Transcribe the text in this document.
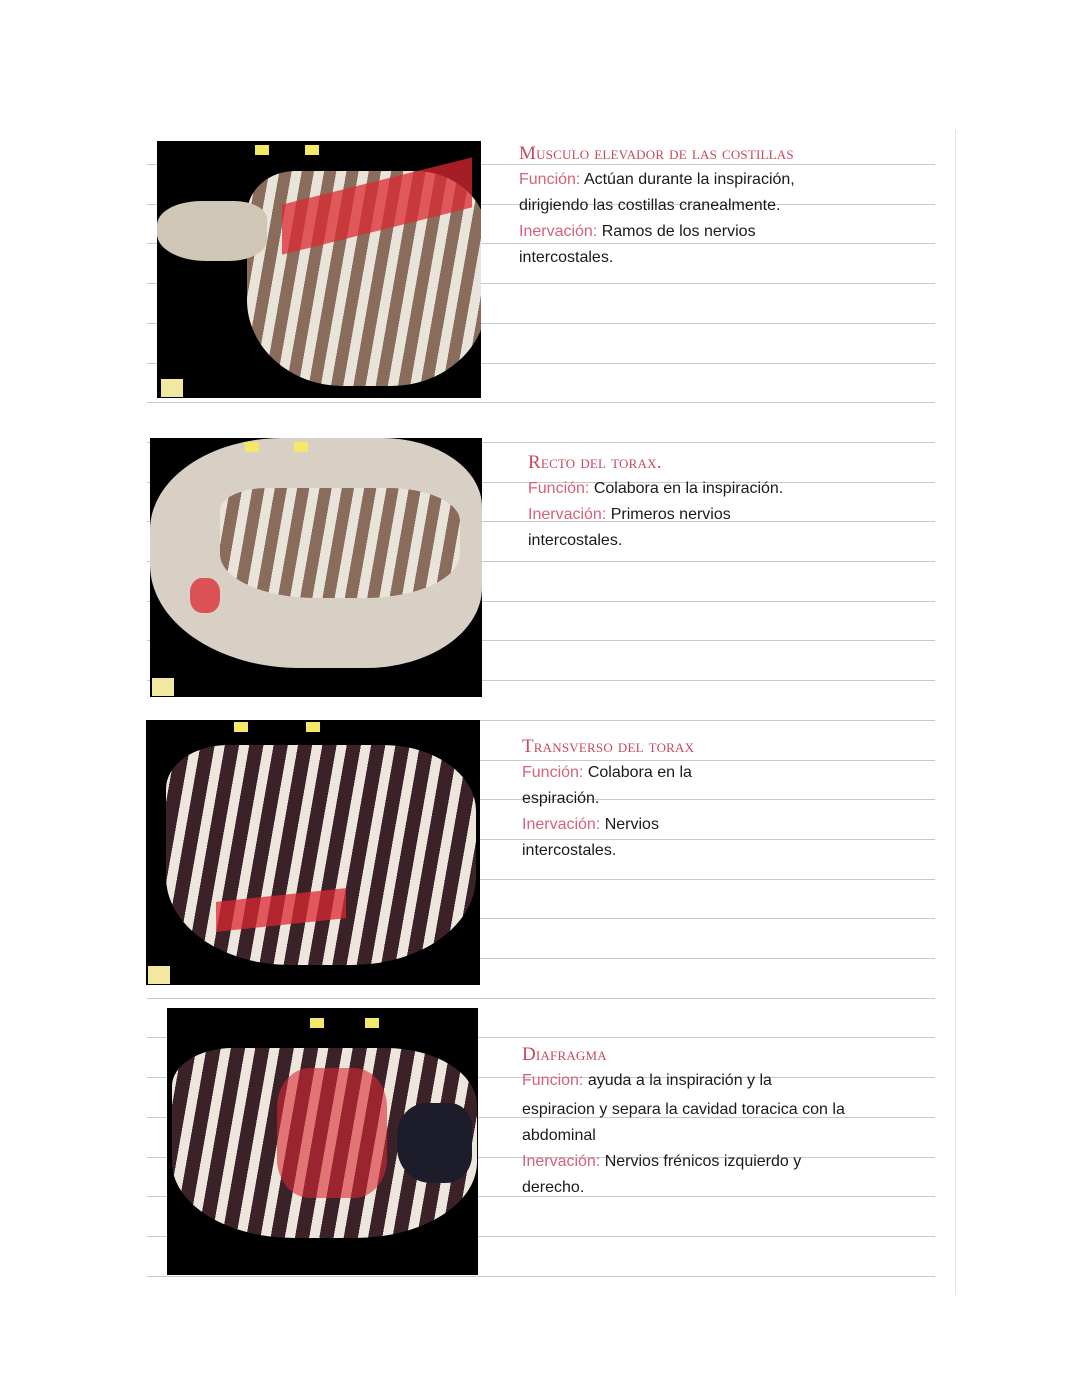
Musculo elevador de las costillas
Función: Actúan durante la inspiración,
dirigiendo las costillas cranealmente.
Inervación: Ramos de los nervios
intercostales.
Recto del torax.
Función: Colabora en la inspiración.
Inervación: Primeros nervios
intercostales.
Transverso del torax
Función: Colabora en la
espiración.
Inervación: Nervios
intercostales.
Diafragma
Funcion: ayuda a la inspiración y la
espiracion y separa la cavidad toracica con la
abdominal
Inervación: Nervios frénicos izquierdo y
derecho.
